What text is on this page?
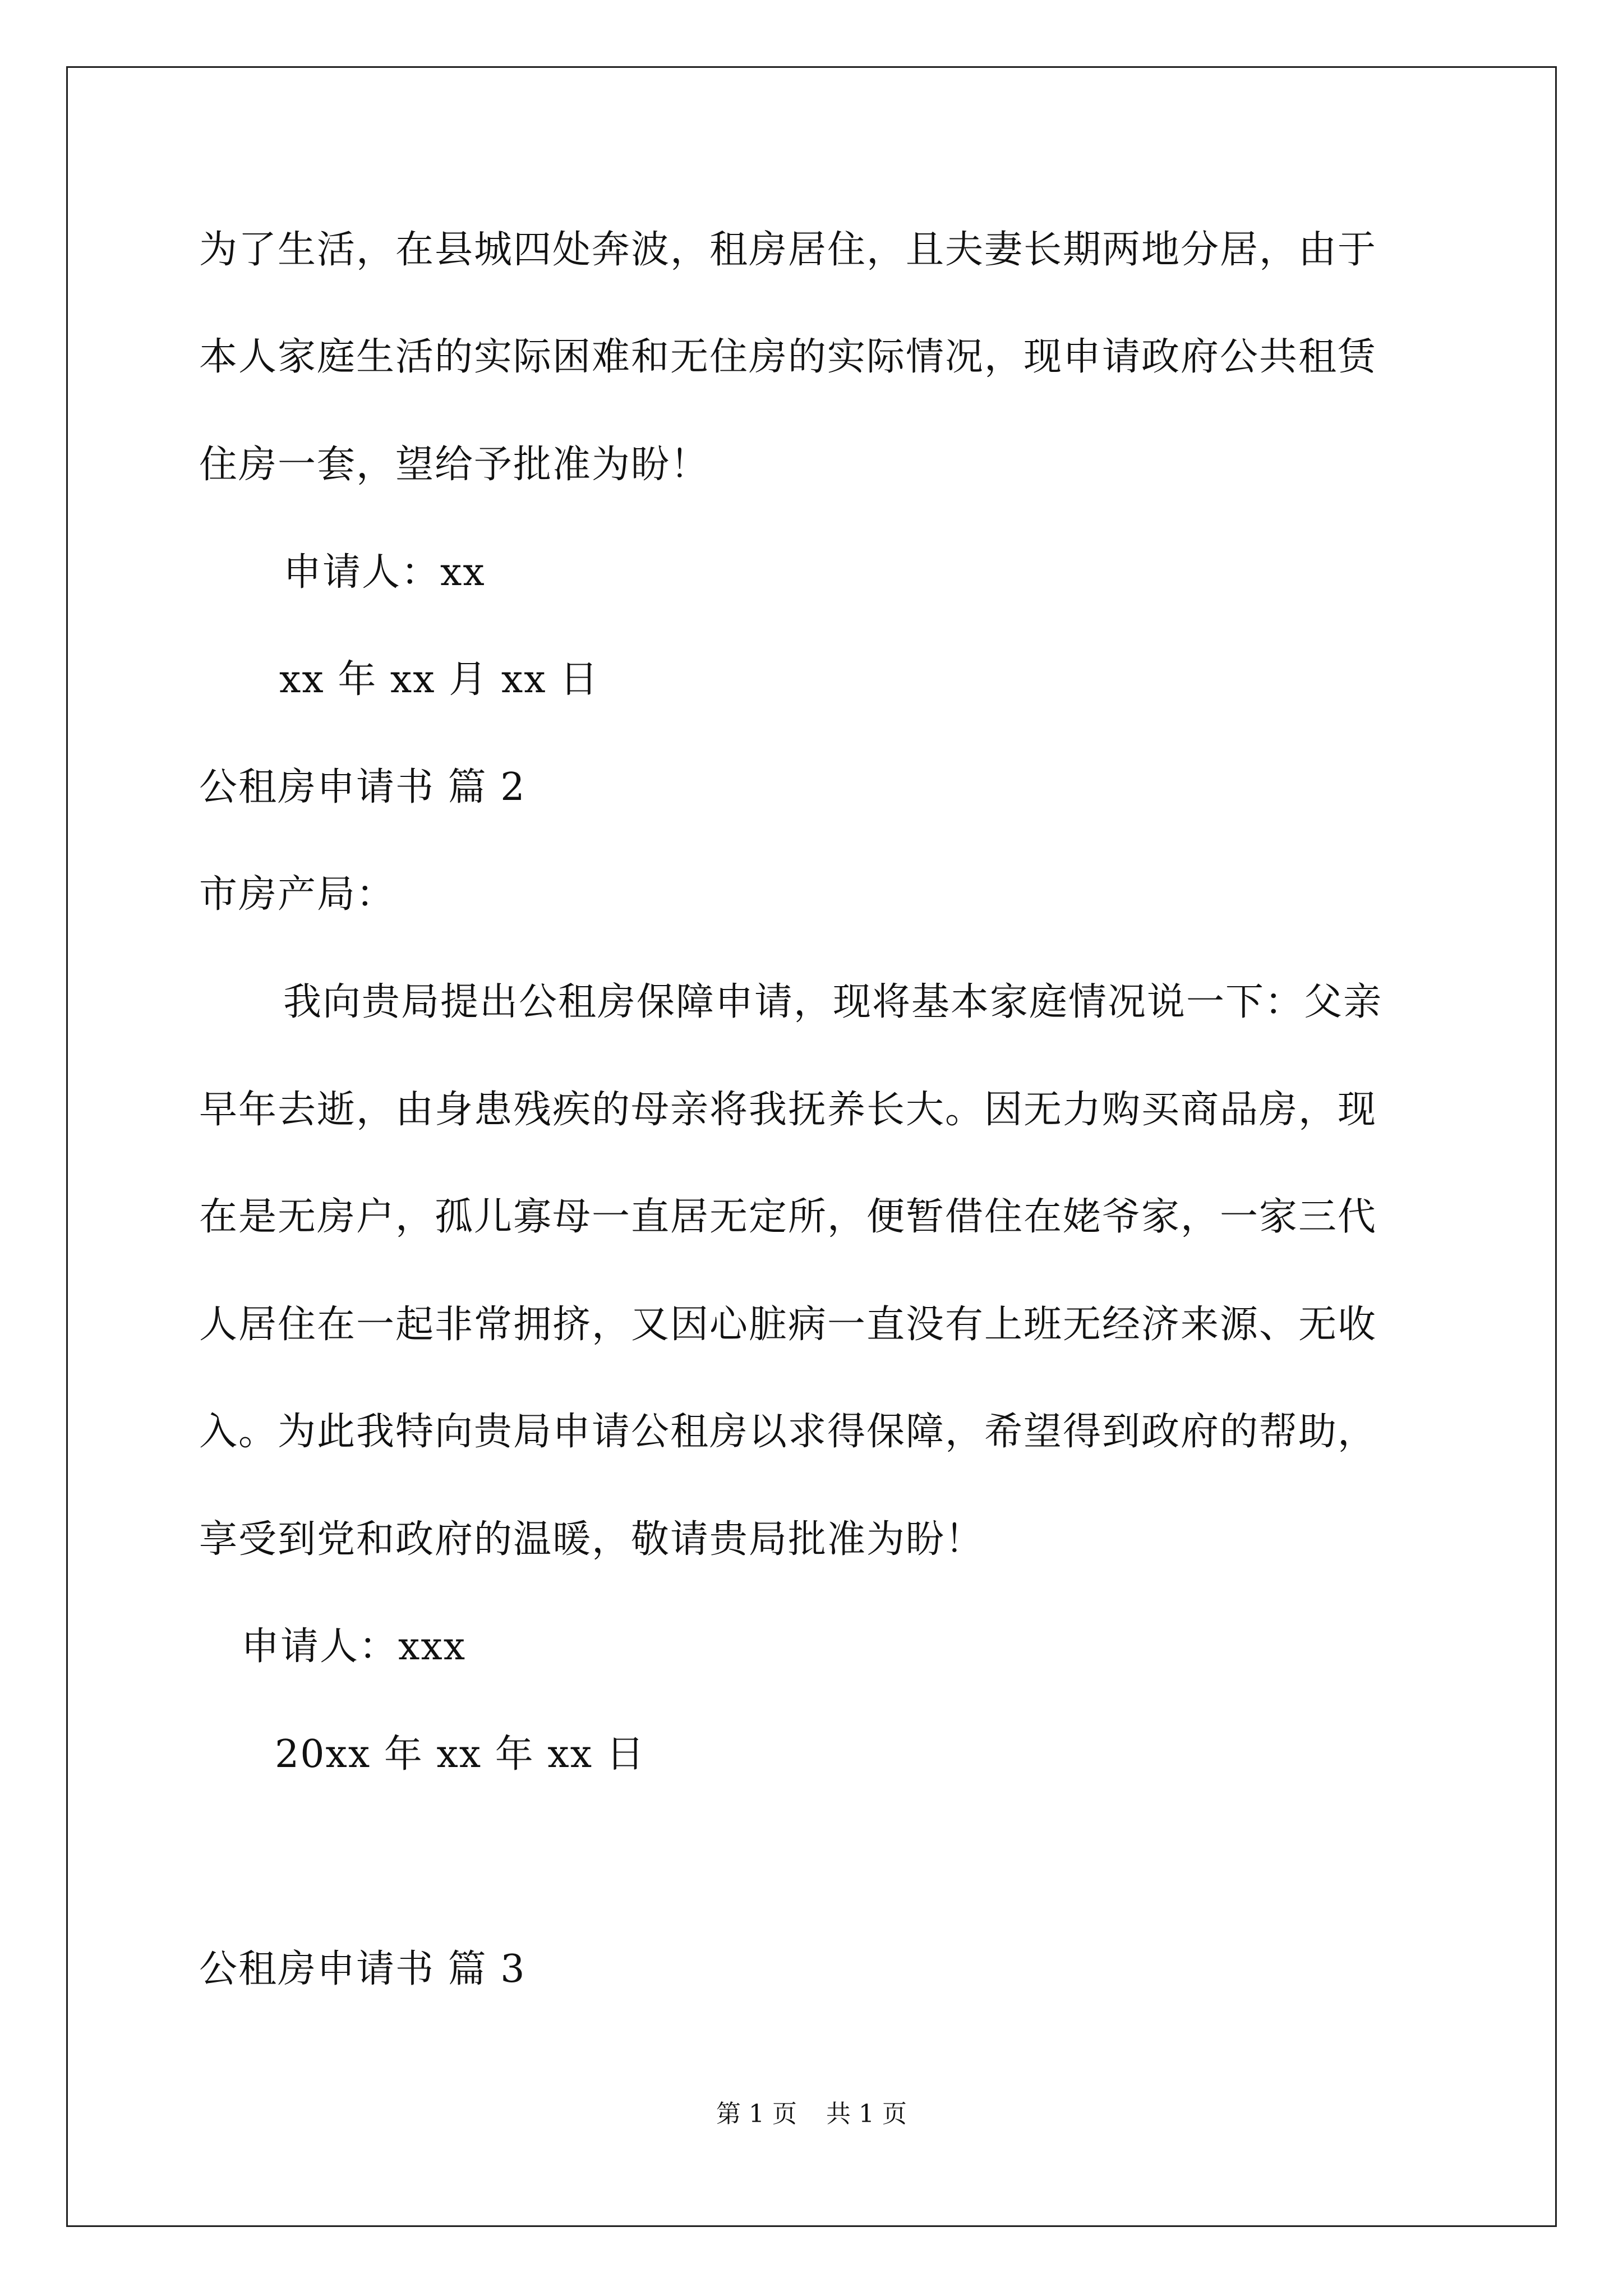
为了生活，在县城四处奔波，租房居住，且夫妻长期两地分居，由于
本人家庭生活的实际困难和无住房的实际情况，现申请政府公共租赁
住房一套，望给予批准为盼！
申请人：xx
xx 年 xx 月 xx 日
公租房申请书 篇 2
市房产局：
我向贵局提出公租房保障申请，现将基本家庭情况说一下：父亲
早年去逝，由身患残疾的母亲将我抚养长大。因无力购买商品房，现
在是无房户，孤儿寡母一直居无定所，便暂借住在姥爷家，一家三代
人居住在一起非常拥挤，又因心脏病一直没有上班无经济来源、无收
入。为此我特向贵局申请公租房以求得保障，希望得到政府的帮助，
享受到党和政府的温暖，敬请贵局批准为盼！
申请人：xxx
20xx 年 xx 年 xx 日
公租房申请书 篇 3
第 1 页 共 1 页
